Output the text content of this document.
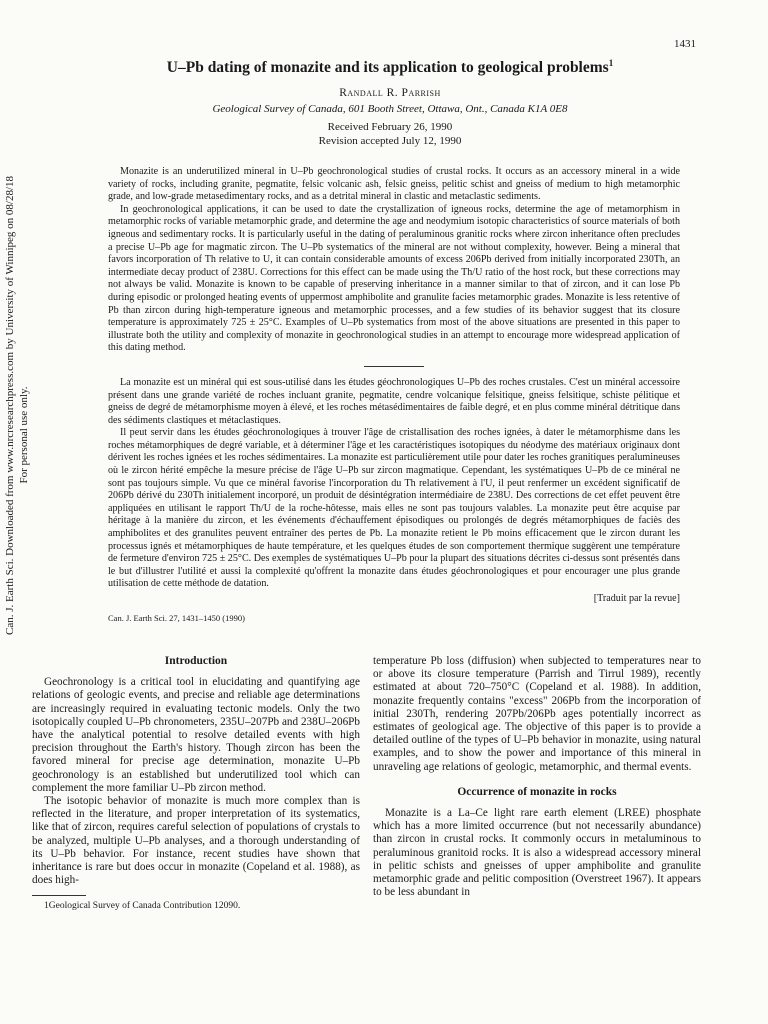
1431
Can. J. Earth Sci. Downloaded from www.nrcresearchpress.com by University of Winnipeg on 08/28/18 For personal use only.
U–Pb dating of monazite and its application to geological problems$^1$
Randall R. Parrish
Geological Survey of Canada, 601 Booth Street, Ottawa, Ont., Canada K1A 0E8
Received February 26, 1990
Revision accepted July 12, 1990

Monazite is an underutilized mineral in U–Pb geochronological studies of crustal rocks. It occurs as an accessory mineral in a wide variety of rocks, including granite, pegmatite, felsic volcanic ash, felsic gneiss, pelitic schist and gneiss of medium to high metamorphic grade, and low-grade metasedimentary rocks, and as a detrital mineral in clastic and metaclastic sediments.

In geochronological applications, it can be used to date the crystallization of igneous rocks, determine the age of metamorphism in metamorphic rocks of variable metamorphic grade, and determine the age and neodymium isotopic characteristics of source materials of both igneous and sedimentary rocks. It is particularly useful in the dating of peraluminous granitic rocks where zircon inheritance often precludes a precise U–Pb age for magmatic zircon. The U–Pb systematics of the mineral are not without complexity, however. Being a mineral that favors incorporation of Th relative to U, it can contain considerable amounts of excess 206Pb derived from initially incorporated 230Th, an intermediate decay product of 238U. Corrections for this effect can be made using the Th/U ratio of the host rock, but these corrections may not always be valid. Monazite is known to be capable of preserving inheritance in a manner similar to that of zircon, and it can lose Pb during episodic or prolonged heating events of uppermost amphibolite and granulite facies metamorphic grades. Monazite is less retentive of Pb than zircon during high-temperature igneous and metamorphic processes, and a few studies of its behavior suggest that its closure temperature is approximately 725 ± 25°C. Examples of U–Pb systematics from most of the above situations are presented in this paper to illustrate both the utility and complexity of monazite in geochronological studies in an attempt to encourage more widespread application of this dating method.

La monazite est un minéral qui est sous-utilisé dans les études géochronologiques U–Pb des roches crustales. C'est un minéral accessoire présent dans une grande variété de roches incluant granite, pegmatite, cendre volcanique felsitique, gneiss felsitique, schiste pélitique et gneiss de degré de métamorphisme moyen à élevé, et les roches métasédimentaires de faible degré, et en plus comme minéral détritique dans des sédiments clastiques et métaclastiques.

Il peut servir dans les études géochronologiques à trouver l'âge de cristallisation des roches ignées, à dater le métamorphisme dans les roches métamorphiques de degré variable, et à déterminer l'âge et les caractéristiques isotopiques du néodyme des matériaux originaux dont dérivent les roches ignées et les roches sédimentaires. La monazite est particulièrement utile pour dater les roches granitiques peralumineuses où le zircon hérité empêche la mesure précise de l'âge U–Pb sur zircon magmatique. Cependant, les systématiques U–Pb de ce minéral ne sont pas toujours simple. Vu que ce minéral favorise l'incorporation du Th relativement à l'U, il peut renfermer un excédent significatif de 206Pb dérivé du 230Th initialement incorporé, un produit de désintégration intermédiaire de 238U. Des corrections de cet effet peuvent être appliquées en utilisant le rapport Th/U de la roche-hôtesse, mais elles ne sont pas toujours valables. La monazite peut être acquise par héritage à la manière du zircon, et les événements d'échauffement épisodiques ou prolongés de degrés métamorphiques de faciès des amphibolites et des granulites peuvent entraîner des pertes de Pb. La monazite retient le Pb moins efficacement que le zircon durant les processus ignés et métamorphiques de haute température, et les quelques études de son comportement thermique suggèrent une température de fermeture d'environ 725 ± 25°C. Des exemples de systématiques U–Pb pour la plupart des situations décrites ci-dessus sont présentés dans le but d'illustrer l'utilité et aussi la complexité qu'offrent la monazite dans études géochronologiques et pour encourager une plus grande utilisation de cette méthode de datation.

[Traduit par la revue]

Can. J. Earth Sci. 27, 1431–1450 (1990)

Introduction

Geochronology is a critical tool in elucidating and quantifying age relations of geologic events, and precise and reliable age determinations are increasingly required in evaluating tectonic models. Only the two isotopically coupled U–Pb chronometers, 235U–207Pb and 238U–206Pb have the analytical potential to resolve detailed events with high precision throughout the Earth's history. Though zircon has been the favored mineral for precise age determination, monazite U–Pb geochronology is an established but underutilized tool which can complement the more familiar U–Pb zircon method.

The isotopic behavior of monazite is much more complex than is reflected in the literature, and proper interpretation of its systematics, like that of zircon, requires careful selection of populations of crystals to be analyzed, multiple U–Pb analyses, and a thorough understanding of its U–Pb behavior. For instance, recent studies have shown that inheritance is rare but does occur in monazite (Copeland et al. 1988), as does high-

1Geological Survey of Canada Contribution 12090.

temperature Pb loss (diffusion) when subjected to temperatures near to or above its closure temperature (Parrish and Tirrul 1989), recently estimated at about 720–750°C (Copeland et al. 1988). In addition, monazite frequently contains "excess" 206Pb from the incorporation of initial 230Th, rendering 207Pb/206Pb ages potentially incorrect as estimates of geological age. The objective of this paper is to provide a detailed outline of the types of U–Pb behavior in monazite, using natural examples, and to show the power and importance of this mineral in unraveling age relations of geologic, metamorphic, and thermal events.

Occurrence of monazite in rocks

Monazite is a La–Ce light rare earth element (LREE) phosphate which has a more limited occurrence (but not necessarily abundance) than zircon in crustal rocks. It commonly occurs in metaluminous to peraluminous granitoid rocks. It is also a widespread accessory mineral in pelitic schists and gneisses of upper amphibolite and granulite metamorphic grade and pelitic composition (Overstreet 1967). It appears to be less abundant in
